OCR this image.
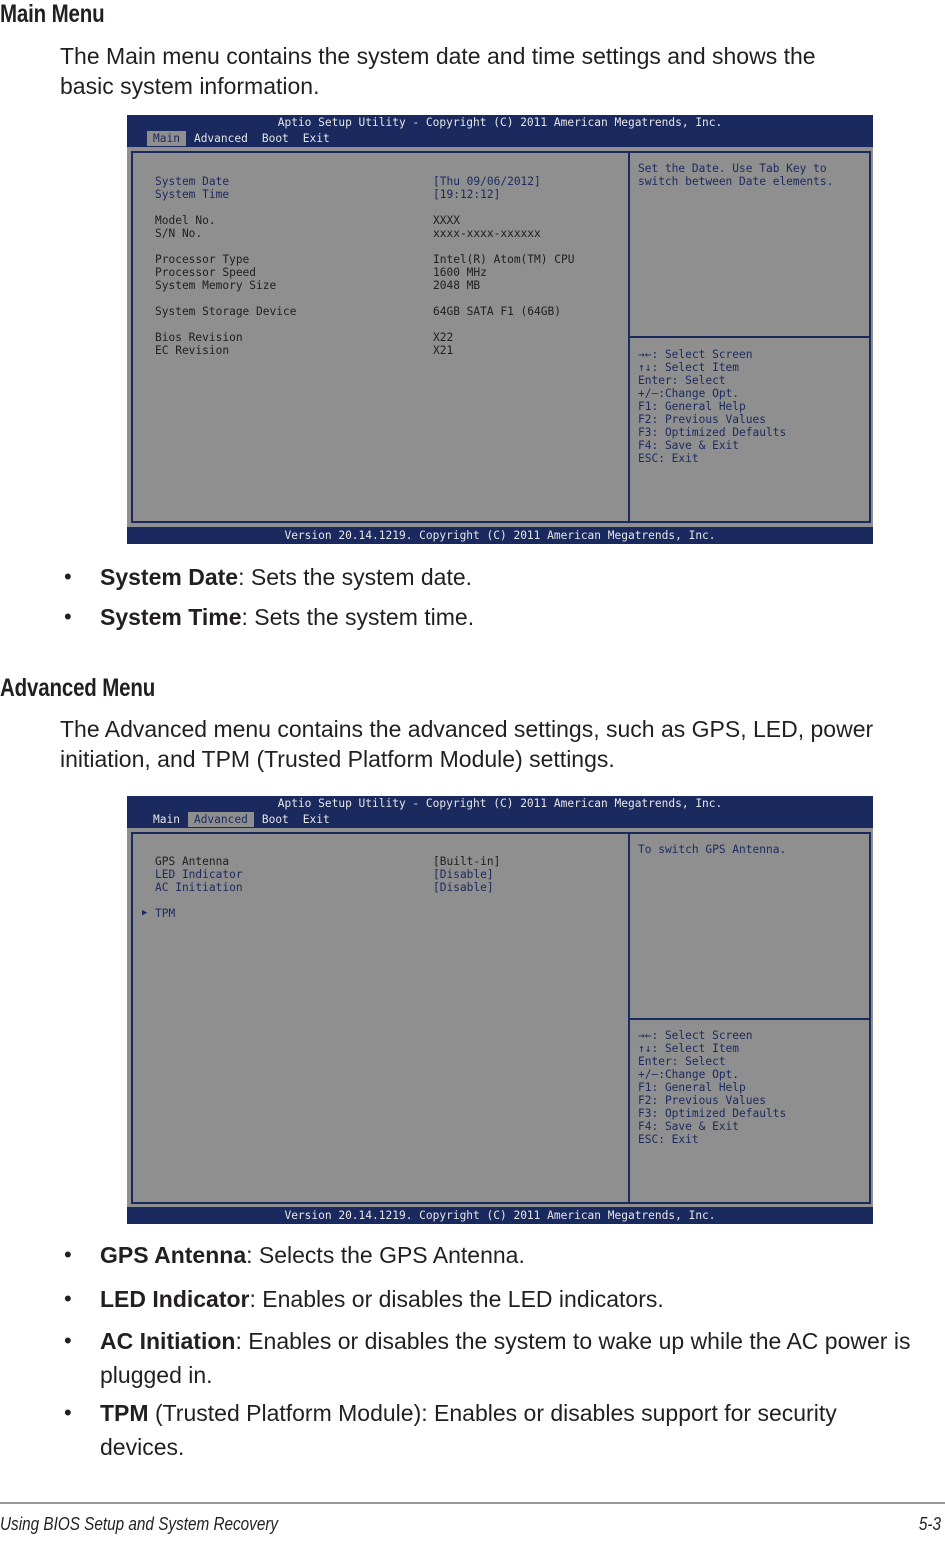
Main Menu

The Main menu contains the system date and time settings and shows the
basic system information.

Aptio Setup Utility - Copyright (C) 2011 American Megatrends, Inc.
Main	Advanced	Boot	Exit
System Date	[Thu 09/06/2012]
System Time	[19:12:12]
Model No.	XXXX
S/N No.	xxxx-xxxx-xxxxxx
Processor Type	Intel(R) Atom(TM) CPU
Processor Speed	1600 MHz
System Memory Size	2048 MB
System Storage Device	64GB SATA F1 (64GB)
Bios Revision	X22
EC Revision	X21
Set the Date. Use Tab Key to
switch between Date elements.
→←: Select Screen
↑↓: Select Item
Enter: Select
+/—:Change Opt.
F1: General Help
F2: Previous Values
F3: Optimized Defaults
F4: Save & Exit
ESC: Exit
Version 20.14.1219. Copyright (C) 2011 American Megatrends, Inc.
• System Date: Sets the system date.

• System Time: Sets the system time.

Advanced Menu

The Advanced menu contains the advanced settings, such as GPS, LED, power
initiation, and TPM (Trusted Platform Module) settings.

Aptio Setup Utility - Copyright (C) 2011 American Megatrends, Inc.
Main	Advanced	Boot	Exit
GPS Antenna	[Built-in]
LED Indicator	[Disable]
AC Initiation	[Disable]
▶ TPM
To switch GPS Antenna.
→←: Select Screen
↑↓: Select Item
Enter: Select
+/—:Change Opt.
F1: General Help
F2: Previous Values
F3: Optimized Defaults
F4: Save & Exit
ESC: Exit
Version 20.14.1219. Copyright (C) 2011 American Megatrends, Inc.
• GPS Antenna: Selects the GPS Antenna.

• LED Indicator: Enables or disables the LED indicators.

• AC Initiation: Enables or disables the system to wake up while the AC power is plugged in.

• TPM (Trusted Platform Module): Enables or disables support for security devices.

Using BIOS Setup and System Recovery	5-3
